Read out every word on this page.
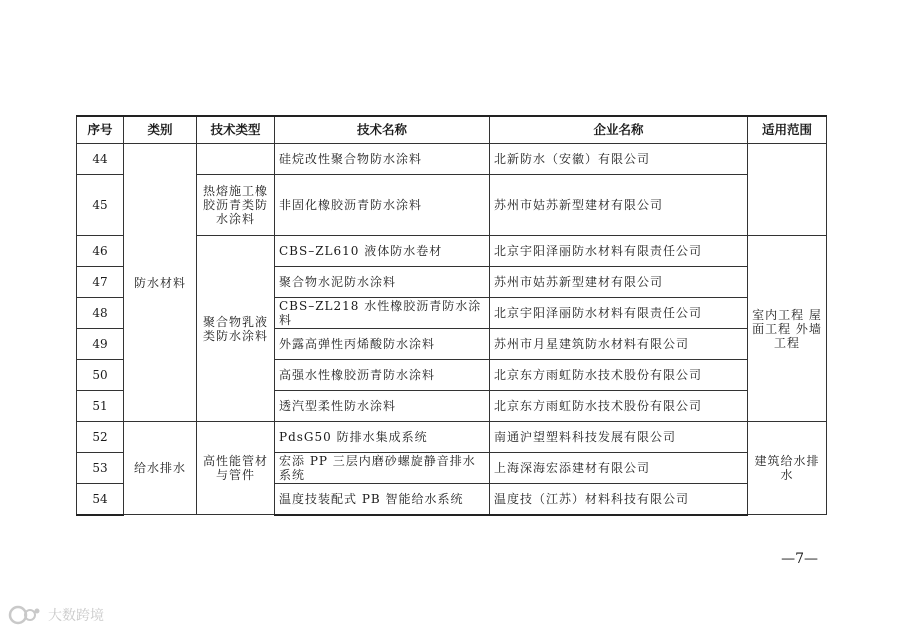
序号	类别	技术类型	技术名称	企业名称	适用范围
44	防水材料		硅烷改性聚合物防水涂料	北新防水（安徽）有限公司	
45		热熔施工橡胶沥青类防水涂料	非固化橡胶沥青防水涂料	苏州市姑苏新型建材有限公司	
46		聚合物乳液类防水涂料	CBS–ZL610 液体防水卷材	北京宇阳泽丽防水材料有限责任公司	室内工程 屋面工程 外墙工程
47			聚合物水泥防水涂料	苏州市姑苏新型建材有限公司	
48			CBS–ZL218 水性橡胶沥青防水涂料	北京宇阳泽丽防水材料有限责任公司	
49			外露高弹性丙烯酸防水涂料	苏州市月星建筑防水材料有限公司	
50			高强水性橡胶沥青防水涂料	北京东方雨虹防水技术股份有限公司	
51			透汽型柔性防水涂料	北京东方雨虹防水技术股份有限公司	
52	给水排水	高性能管材与管件	PdsG50 防排水集成系统	南通沪望塑料科技发展有限公司	建筑给水排水
53			宏添 PP 三层内磨砂螺旋静音排水系统	上海深海宏添建材有限公司	
54			温度技装配式 PB 智能给水系统	温度技（江苏）材料科技有限公司	
—7—
大数跨境
